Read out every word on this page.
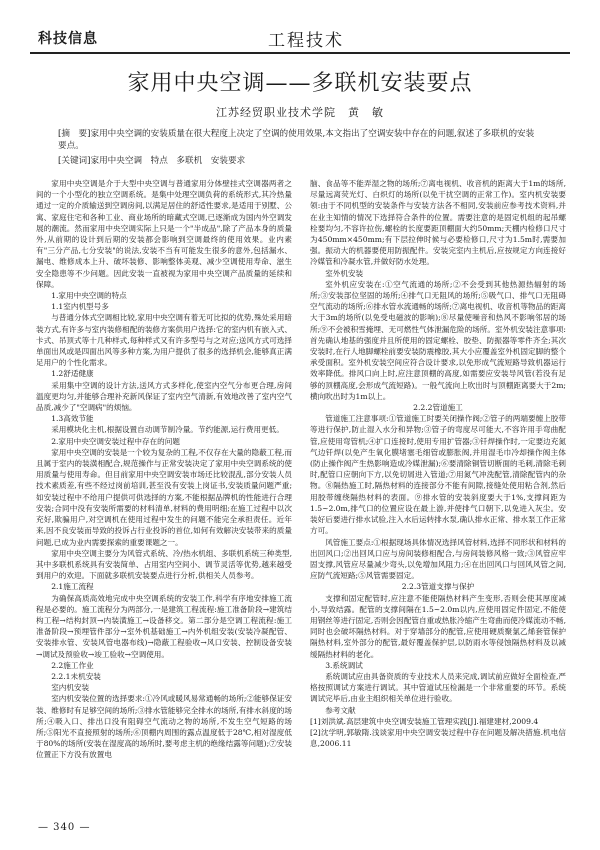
科技信息	工程技术
家用中央空调——多联机安装要点
江苏经贸职业技术学院　黄　敏

[摘　要]家用中央空调的安装质量在很大程度上决定了空调的使用效果,本文指出了空调安装中存在的问题,叙述了多联机的安装要点。

[关键词]家用中央空调　特点　多联机　安装要求

家用中央空调是介于大型中央空调与普通家用分体壁挂式空调器两者之间的一个小型化的独立空调系统。是集中处理空调负荷的系统形式,其冷热量通过一定的介质输送到空调房间,以满足居住的舒适性要求,是适用于别墅、公寓、家庭住宅和各种工业、商业场所的暗藏式空调,已逐渐成为国内外空调发展的潮流。然而家用中央空调实际上只是一个"半成品",除了产品本身的质量外,从前期的设计到后期的安装都会影响到空调最终的使用效果。业内素有"三分产品,七分安装"的说法,安装不当有可能发生很多的意外,包括漏水、漏电、维修成本上升、破坏装修、影响整体美观、减少空调使用寿命、滋生安全隐患等不少问题。因此安装一直被视为家用中央空调产品质量的延续和保障。

1.家用中央空调的特点

1.1室内机型号多

与普通分体式空调相比较,家用中央空调有着无可比拟的优势,殊处采用暗装方式,有许多与室内装修相配的装修方案供用户选择:它的室内机有嵌入式、卡式、吊顶式等十几种样式,每种样式又有许多型号与之对应;送风方式可选择单面出风或是四面出风等多种方案,为用户提供了很多的选择机会,能够真正满足用户的个性化需求。

1.2舒适健康

采用集中空调的设计方法,送风方式多样化,使室内空气分布更合理,房间温度更均匀,并能够合理补充新风保证了室内空气清新,有效地改善了室内空气品质,减少了"空调病"的烦恼。

1.3高效节能

采用模块化主机,根据设置自动调节制冷量。节约能源,运行费用更低。

2.家用中央空调安装过程中存在的问题

家用中央空调的安装是一个较为复杂的工程,不仅存在大量的隐蔽工程,而且属于室内的装潢相配合,规范操作与正常安装决定了家用中央空调系统的使用质量与使用寿命。但目前家用中央空调安装市场还比较混乱,部分安装人员技术素质差,有些不经过岗前培训,甚至没有安装上岗证书,安装质量问题严重;如安装过程中不给用户提供可供选择的方案,不能根据品牌机的性能进行合理安装;合同中没有安装所需要的材料清单,材料的费用明细;在施工过程中以次充好,欺骗用户,对空调机在使用过程中发生的问题不能完全承担责任。近年来,因不良安装而导致的投诉占行业投诉的首位,如何有效解决安装带来的质量问题,已成为业内需要探索的重要课题之一。

家用中央空调主要分为风管式系统、冷/热水机组、多联机系统三种类型,其中多联机系统具有安装简单、占用室内空间小、调节灵活等优势,越来越受到用户的欢迎。下面就多联机安装要点进行分析,供相关人员参考。

2.1施工流程

为确保高质高效地完成中央空调系统的安装工作,科学有序地安排施工流程是必要的。施工流程分为两部分,一是建筑工程流程:施工准备阶段→建筑结构工程→结构封顶→内装潢施工→设备移交。第二部分是空调工程流程:施工准备阶段→预埋管件部分→室外机基础施工→内外机组安装(安装冷凝配管、安装排水管、安装风管电器布线)→隐蔽工程验收→风口安装、控制设备安装→调试及预验收→竣工验收→空调使用。

2.2施工作业

2.2.1未机安装

室内机安装

室内机安装位置的选择要求:①冷风或暖风易常通畅的场所;②能够保证安装、维修时有足够空间的场所;③排水管能够完全排水的场所,有排水斜度的场所;④吸入口、排出口没有阻碍空气流动之物的场所,不发生空气短路的场所;⑤阳光不直接照射的场所;⑥顶棚内周围的露点温度低于28℃,相对湿度低于80%的场所(安装在湿度高的场所时,要考虑主机的绝缘结露等问题);⑦安装位置正下方没有放置电

脑、食品等不能弄湿之物的场所;⑦离电视机、收音机的距离大于1m的场所,尽量远离荧光灯、白炽灯的场所(以免干扰空调的正常工作)。室内机安装要领:由于不同机型的安装条件与安装方法各不相同,安装前应参考技术资料,并在业主知情的情况下选择符合条件的位置。需要注意的是固定机组的起吊螺栓要均匀,不容许拉伤,螺栓的长度要距顶棚面大约50mm;天棚内检修口尺寸为450mm×450mm;有下层拉伸时候与必要检修口,尺寸为1.5m时,需要加强。振动大的机器要使用防振配件。安装完室内主机后,应按规定方向连接好冷媒管和冷凝水管,并做好防水处理。

室外机安装

室外机应安装在:①空气流通的场所;②不会受到其他热源热辐射的场所;③安装部位坚固的场所;④排气口无阻风的场所;⑤吸气口、排气口无阻碍空气流动的场所;⑥排水管水流通畅的场所;⑦离电视机、收音机等物品的距离大于3m的场所(以免受电磁波的影响);⑧尽量使噪音和热风不影响邻居的场所;⑨不会被积雪掩埋、无可燃性气体泄漏危险的场所。室外机安装注意事项:首先确认地基的强度并且所使用的固定螺栓、胶垫、防振器等零件齐全;其次安装时,在行人地脚螺栓前要安装防震橡胶,其大小应覆盖室外机固定脚的整个承受面积。室外机安装空间应符合设计要求,以免形成气流短路导致机器运行效率降低。排风口向上时,应注意顶棚的高度,如需要应安装导风管(若没有足够的顶棚高度,会形成气流短路)。一般气流向上吹出时与顶棚距离要大于2m;横向吹出时为1m以上。

2.2.2管道施工

管道施工注意事项:①管道施工时要关闭操作阀;②管子的两端要缠上胶带等进行保护,防止湿入水分和异物;③管子的弯度尽可能大,不容许用手弯曲配管,应使用弯管机;④扩口连接时,使用专用扩管器;③钎焊操作时,一定要边充氮气边钎焊(以免产生氧化膜堵塞毛细管或膨胀阀,并用湿毛巾冷却操作阀主体(防止操作阀产生热影响造成冷媒泄漏);⑥要清除铜管切断面的毛刺,清除毛刺时,配管口应朝向下方,以免切屑进入管道;⑦用氮气冲洗配管,清除配管内的杂物。⑧隔热施工时,隔热材料的连接部分不能有间隙,接缝处使用粘合剂,然后用胶带缠绕隔热材料的表面。⑨排水管的安装斜度要大于1%,支撑间距为1.5~2.0m,排气口的位置应设在最上游,并使排气口朝下,以免进入灰尘。安装好后要进行排水试验,注入水后运转排水泵,确认排水正常、排水泵工作正常方可。

风管施工要点:①根据现场具体情况选择风管材料,选择不同形状和材料的出回风口;②出回风口应与房间装修相配合,与房间装修风格一致;③风管应牢固支撑,风管应尽量减少弯头,以免增加风阻力;④在出回风口与回风风管之间,应防气流短路;⑤风管需要固定。

2.2.3管道支撑与保护

支撑和固定配管时,应注意不能使隔热材料产生变形,否则会使其厚度减小,导致结露。配管的支撑间隔在1.5~2.0m以内,应使用固定件固定,不能使用钢丝等进行固定,否则会因配管自重或热胀冷缩产生弯曲而使冷媒流动不畅,同时也会破坏隔热材料。对于穿墙部分的配管,应使用硬质聚氯乙烯套管保护隔热材料,室外部分的配管,最好覆盖保护层,以防雨水等侵蚀隔热材料及以减缓隔热材料的老化。

3.系统调试

系统调试应由具备资质的专业技术人员来完成,调试前应做好全面检查,严格按照调试方案进行调试。其中管道试压检漏是一个非常重要的环节。系统调试完毕后,由业主组织相关单位进行验收。

参考文献

[1]刘洪斌.高层建筑中央空调安装施工管理实践[J].福建建材,2009.4

[2]沈学明,郭敏隋.浅谈家用中央空调安装过程中存在问题及解决措施.机电信息,2006.11

— 340 —
